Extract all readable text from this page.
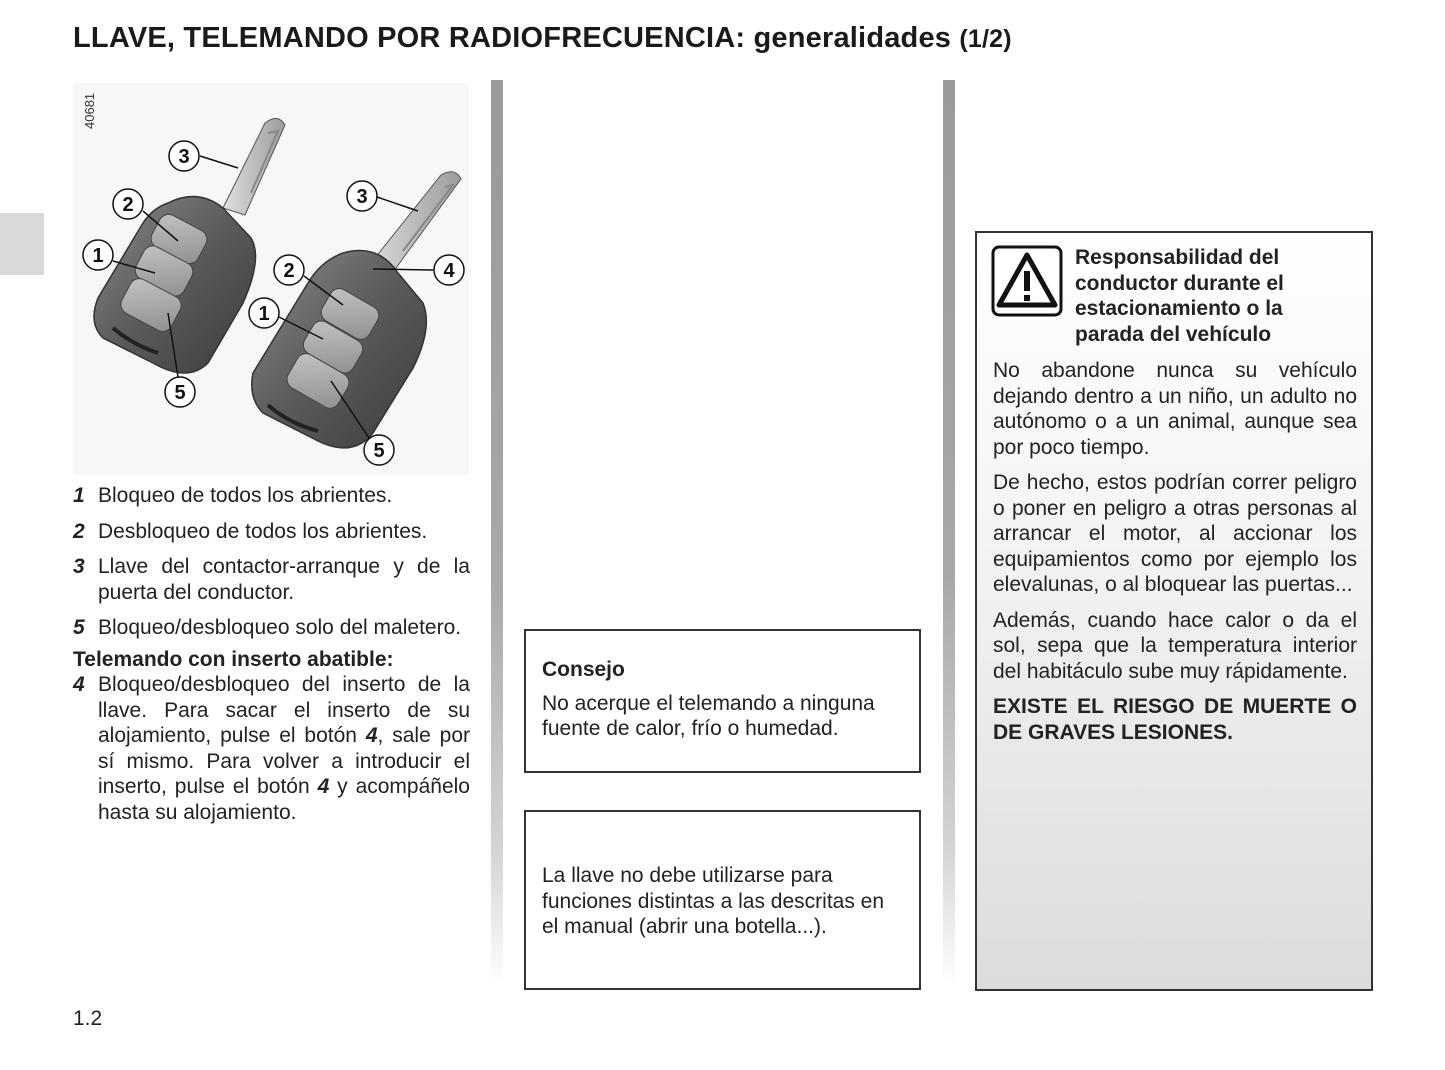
LLAVE, TELEMANDO POR RADIOFRECUENCIA: generalidades (1/2)
40681
3
2
1
5
3
2
1
4
5
1 Bloqueo de todos los abrientes.
2 Desbloqueo de todos los abrientes.
3 Llave del contactor-arranque y de la puerta del conductor.
5 Bloqueo/desbloqueo solo del maletero.
Telemando con inserto abatible:
4 Bloqueo/desbloqueo del inserto de la llave. Para sacar el inserto de su alojamiento, pulse el botón 4, sale por sí mismo. Para volver a introducir el inserto, pulse el botón 4 y acompáñelo hasta su alojamiento.
Consejo
No acerque el telemando a ninguna fuente de calor, frío o humedad.
La llave no debe utilizarse para funciones distintas a las descritas en el manual (abrir una botella...).
Responsabilidad del conductor durante el estacionamiento o la parada del vehículo

No abandone nunca su vehículo dejando dentro a un niño, un adulto no autónomo o a un animal, aunque sea por poco tiempo.

De hecho, estos podrían correr peligro o poner en peligro a otras personas al arrancar el motor, al accionar los equipamientos como por ejemplo los elevalunas, o al bloquear las puertas...

Además, cuando hace calor o da el sol, sepa que la temperatura interior del habitáculo sube muy rápidamente.

EXISTE EL RIESGO DE MUERTE O DE GRAVES LESIONES.

1.2
